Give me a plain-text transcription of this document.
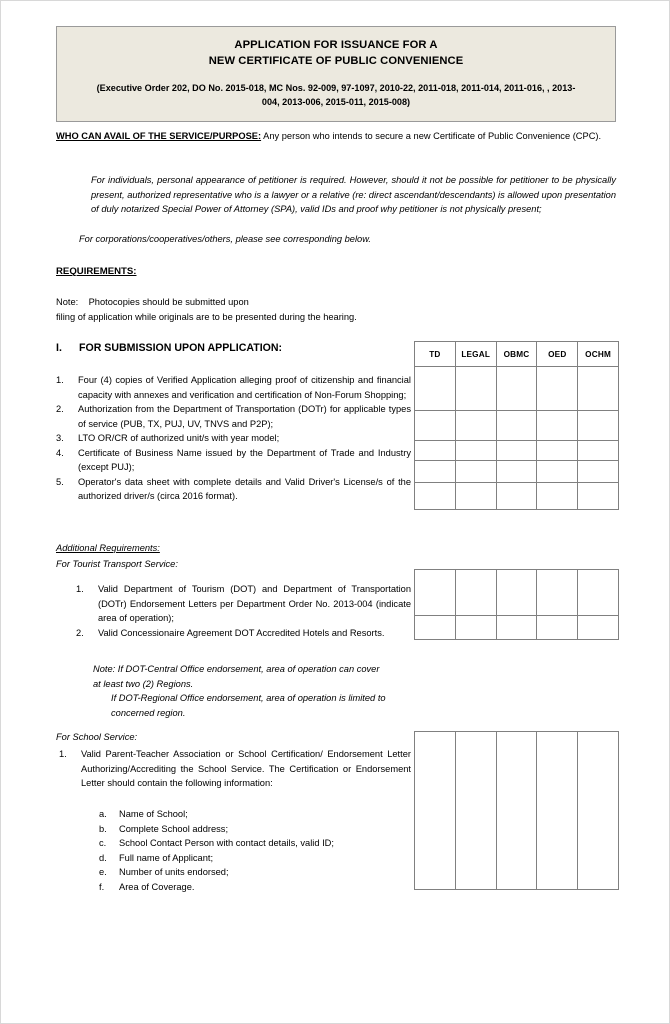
APPLICATION FOR ISSUANCE FOR A
NEW CERTIFICATE OF PUBLIC CONVENIENCE
(Executive Order 202, DO No. 2015-018, MC Nos. 92-009, 97-1097, 2010-22, 2011-018, 2011-014, 2011-016, , 2013-004, 2013-006, 2015-011, 2015-008)
WHO CAN AVAIL OF THE SERVICE/PURPOSE: Any person who intends to secure a new Certificate of Public Convenience (CPC).
For individuals, personal appearance of petitioner is required. However, should it not be possible for petitioner to be physically present, authorized representative who is a lawyer or a relative (re: direct ascendant/descendants) is allowed upon presentation of duly notarized Special Power of Attorney (SPA), valid IDs and proof why petitioner is not physically present;
For corporations/cooperatives/others, please see corresponding below.
REQUIREMENTS:
Note: Photocopies should be submitted upon
filing of application while originals are to be presented during the hearing.
I.	FOR SUBMISSION UPON APPLICATION:
1.	Four (4) copies of Verified Application alleging proof of citizenship and financial capacity with annexes and verification and certification of Non-Forum Shopping;
2.	Authorization from the Department of Transportation (DOTr) for applicable types of service (PUB, TX, PUJ, UV, TNVS and P2P);
3.	LTO OR/CR of authorized unit/s with year model;
4.	Certificate of Business Name issued by the Department of Trade and Industry (except PUJ);
5.	Operator's data sheet with complete details and Valid Driver's License/s of the authorized driver/s (circa 2016 format).
Additional Requirements:
For Tourist Transport Service:
1.	Valid Department of Tourism (DOT) and Department of Transportation (DOTr) Endorsement Letters per Department Order No. 2013-004 (indicate area of operation);
2.	Valid Concessionaire Agreement DOT Accredited Hotels and Resorts.
Note: If DOT-Central Office endorsement, area of operation can cover at least two (2) Regions.
If DOT-Regional Office endorsement, area of operation is limited to concerned region.
For School Service:
1.	Valid Parent-Teacher Association or School Certification/ Endorsement Letter Authorizing/Accrediting the School Service. The Certification or Endorsement Letter should contain the following information:
a.	Name of School;
b.	Complete School address;
c.	School Contact Person with contact details, valid ID;
d.	Full name of Applicant;
e.	Number of units endorsed;
f.	Area of Coverage.
TD	LEGAL	OBMC	OED	OCHM
